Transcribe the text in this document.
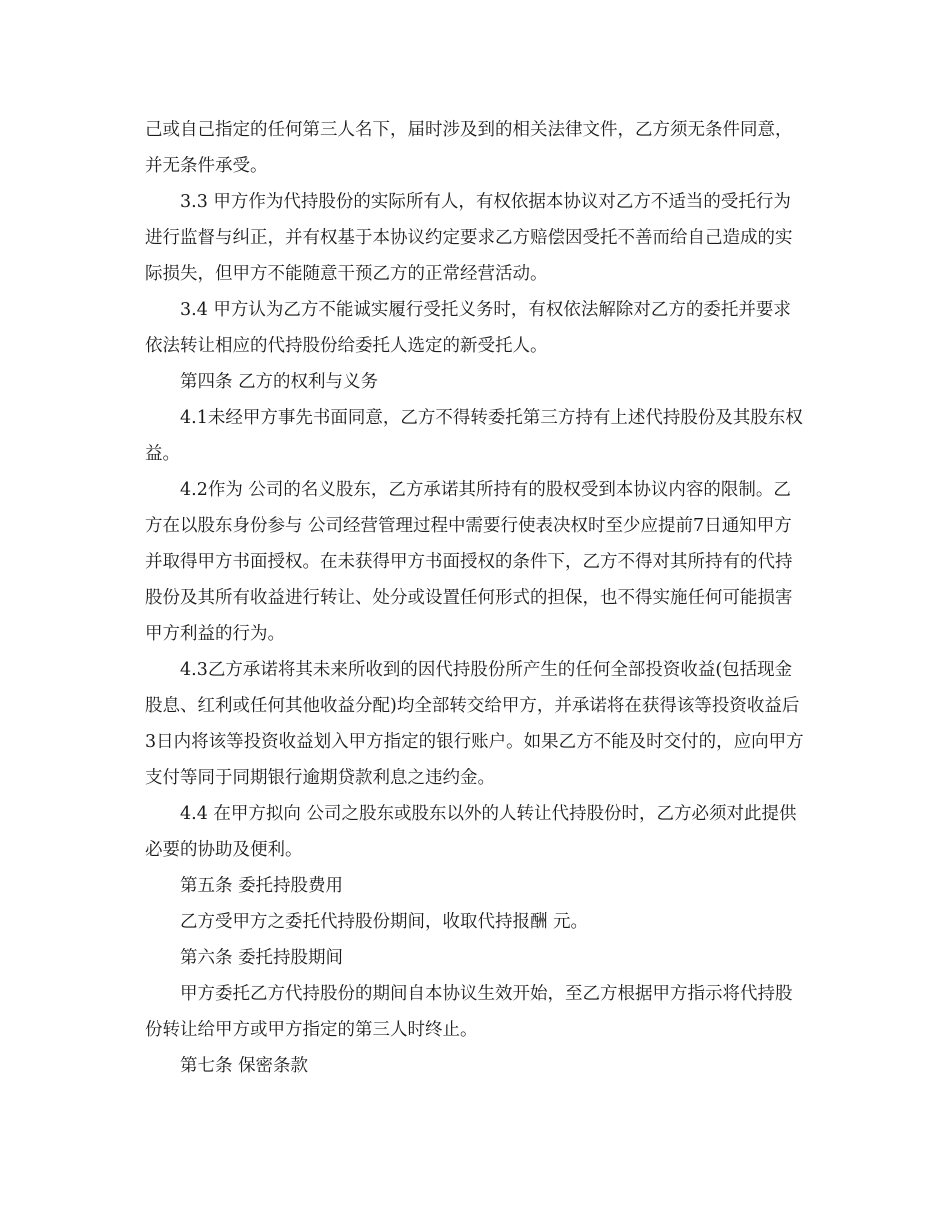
己或自己指定的任何第三人名下，届时涉及到的相关法律文件，乙方须无条件同意，并无条件承受。

3.3 甲方作为代持股份的实际所有人，有权依据本协议对乙方不适当的受托行为进行监督与纠正，并有权基于本协议约定要求乙方赔偿因受托不善而给自己造成的实际损失，但甲方不能随意干预乙方的正常经营活动。

3.4 甲方认为乙方不能诚实履行受托义务时，有权依法解除对乙方的委托并要求依法转让相应的代持股份给委托人选定的新受托人。

第四条 乙方的权利与义务

4.1未经甲方事先书面同意，乙方不得转委托第三方持有上述代持股份及其股东权益。

4.2作为 公司的名义股东，乙方承诺其所持有的股权受到本协议内容的限制。乙方在以股东身份参与 公司经营管理过程中需要行使表决权时至少应提前7日通知甲方并取得甲方书面授权。在未获得甲方书面授权的条件下，乙方不得对其所持有的代持股份及其所有收益进行转让、处分或设置任何形式的担保，也不得实施任何可能损害甲方利益的行为。

4.3乙方承诺将其未来所收到的因代持股份所产生的任何全部投资收益(包括现金股息、红利或任何其他收益分配)均全部转交给甲方，并承诺将在获得该等投资收益后3日内将该等投资收益划入甲方指定的银行账户。如果乙方不能及时交付的，应向甲方支付等同于同期银行逾期贷款利息之违约金。

4.4 在甲方拟向 公司之股东或股东以外的人转让代持股份时，乙方必须对此提供必要的协助及便利。

第五条 委托持股费用

乙方受甲方之委托代持股份期间，收取代持报酬 元。

第六条 委托持股期间

甲方委托乙方代持股份的期间自本协议生效开始，至乙方根据甲方指示将代持股份转让给甲方或甲方指定的第三人时终止。

第七条 保密条款
